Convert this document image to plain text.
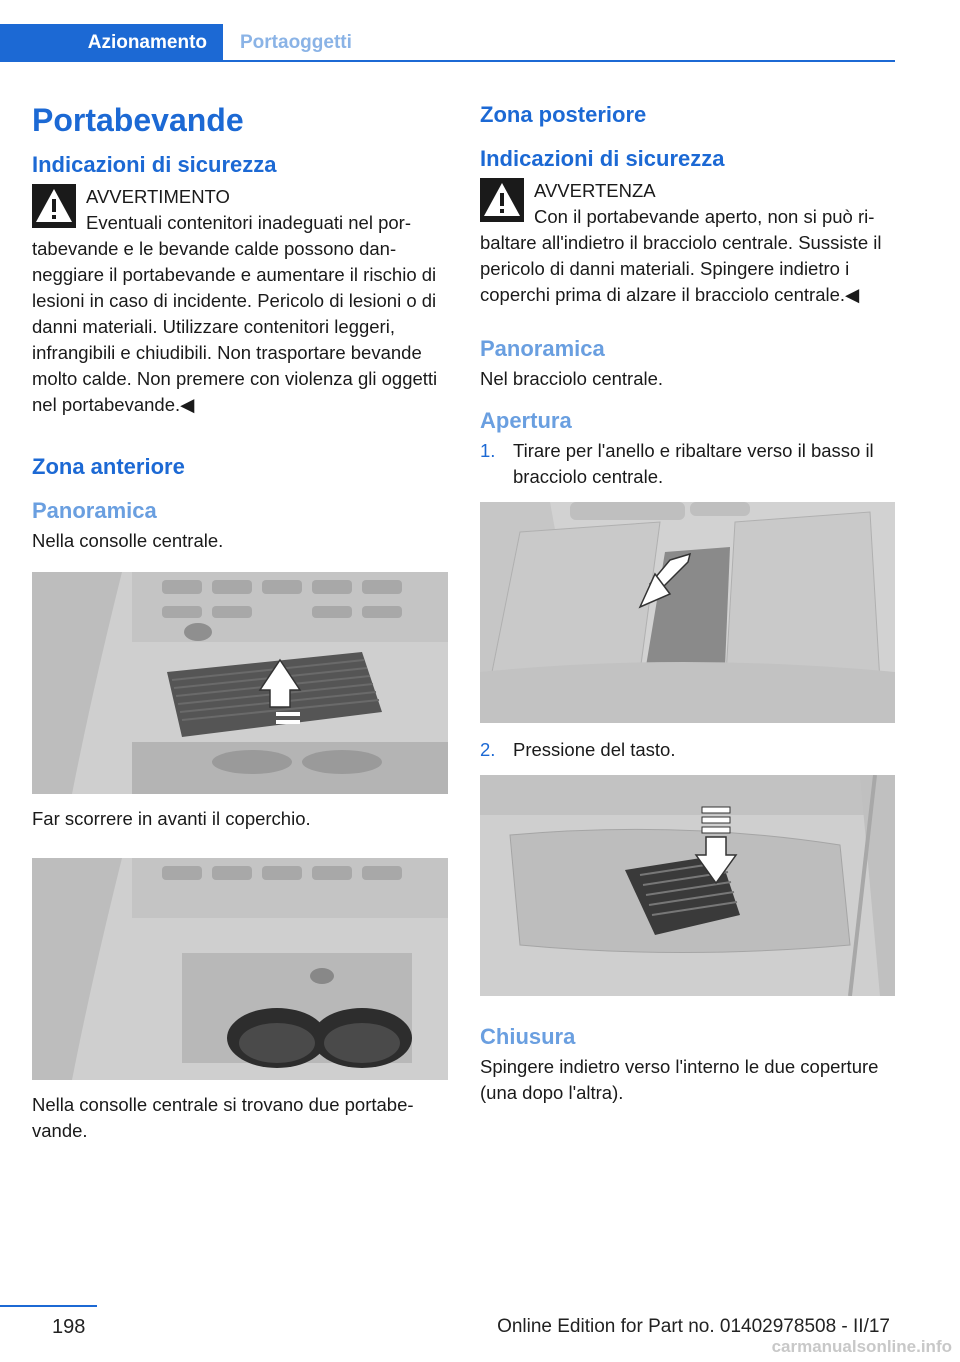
Azionamento	Portaoggetti
Portabevande
Indicazioni di sicurezza
AVVERTIMENTO
Eventuali contenitori inadeguati nel portabevande e le bevande calde possono danneggiare il portabevande e aumentare il rischio di lesioni in caso di incidente. Pericolo di lesioni o di danni materiali. Utilizzare contenitori leggeri, infrangibili e chiudibili. Non trasportare bevande molto calde. Non premere con violenza gli oggetti nel portabevande.◀
Zona anteriore
Panoramica
Nella consolle centrale.
Far scorrere in avanti il coperchio.
Nella consolle centrale si trovano due portabevande.
Zona posteriore
Indicazioni di sicurezza
AVVERTENZA
Con il portabevande aperto, non si può ribaltare all'indietro il bracciolo centrale. Sussiste il pericolo di danni materiali. Spingere indietro i coperchi prima di alzare il bracciolo centrale.◀
Panoramica
Nel bracciolo centrale.
Apertura
1. Tirare per l'anello e ribaltare verso il basso il bracciolo centrale.
2. Pressione del tasto.
Chiusura
Spingere indietro verso l'interno le due coperture (una dopo l'altra).
198	Online Edition for Part no. 01402978508 - II/17
carmanualsonline.info
